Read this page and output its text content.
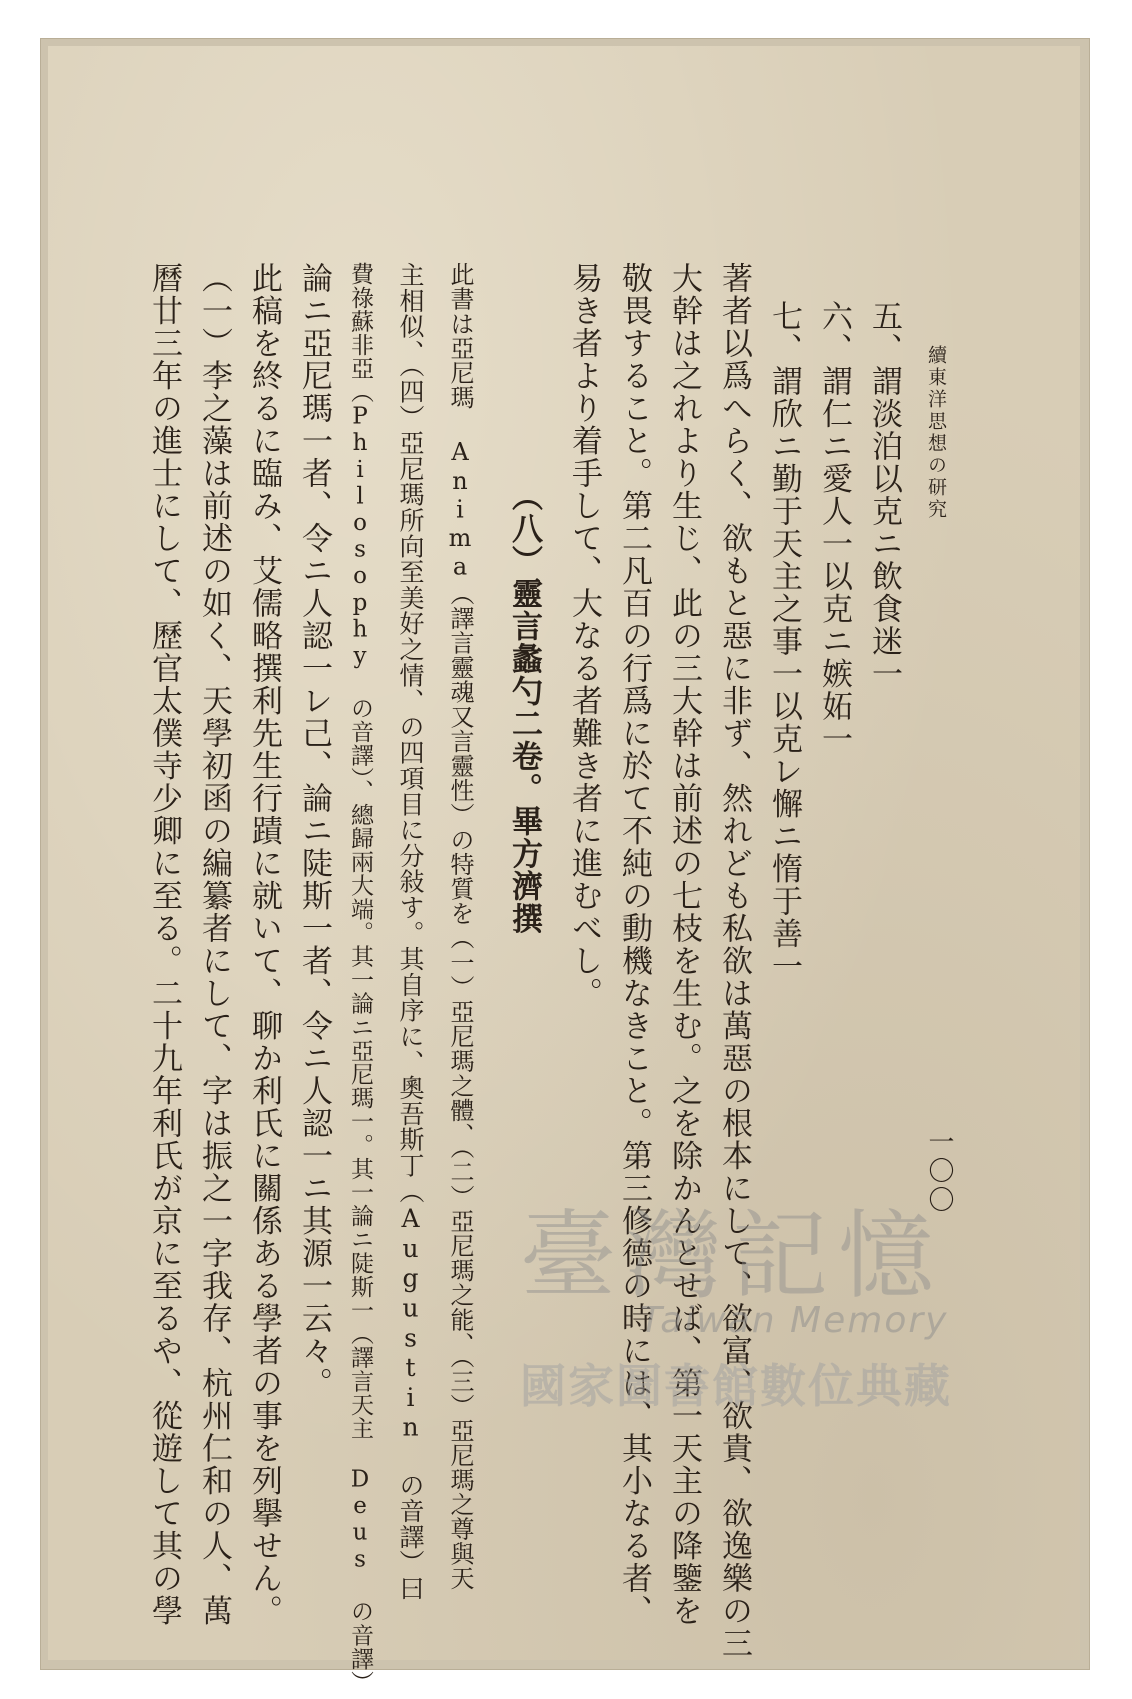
續東洋思想の研究
一〇〇
五、謂淡泊以克ニ飲食迷一
六、謂仁ニ愛人一以克ニ嫉妬一
七、謂欣ニ勤于天主之事一以克レ懈ニ惰于善一
著者以爲へらく、欲もと惡に非ず、然れども私欲は萬惡の根本にして、欲富、欲貴、欲逸樂の三
大幹は之れより生じ、此の三大幹は前述の七枝を生む。之を除かんとせば、第一天主の降鑒を
敬畏すること。第二凡百の行爲に於て不純の動機なきこと。第三修德の時には、其小なる者、
易き者より着手して、大なる者難き者に進むべし。
（八）靈言蠡勺二卷。畢方濟撰
此書は亞尼瑪 Anima（譯言靈魂又言靈性）の特質を（一）亞尼瑪之體、（二）亞尼瑪之能、（三）亞尼瑪之尊與天
主相似、（四）亞尼瑪所向至美好之情、の四項目に分敍す。其自序に、奧吾斯丁（Augustin の音譯）曰
費祿蘇非亞（Philosophy の音譯）、總歸兩大端。其一論ニ亞尼瑪一。其一論ニ陡斯一（譯言天主 Deus の音譯）
論ニ亞尼瑪一者、令ニ人認一レ己、論ニ陡斯一者、令ニ人認一ニ其源一云々。
此稿を終るに臨み、艾儒略撰利先生行蹟に就いて、聊か利氏に關係ある學者の事を列擧せん。
（一）李之藻は前述の如く、天學初函の編纂者にして、字は振之一字我存、杭州仁和の人、萬
曆廿三年の進士にして、歷官太僕寺少卿に至る。二十九年利氏が京に至るや、從遊して其の學	臺灣記憶
Taiwan Memory
國家圖書館數位典藏
